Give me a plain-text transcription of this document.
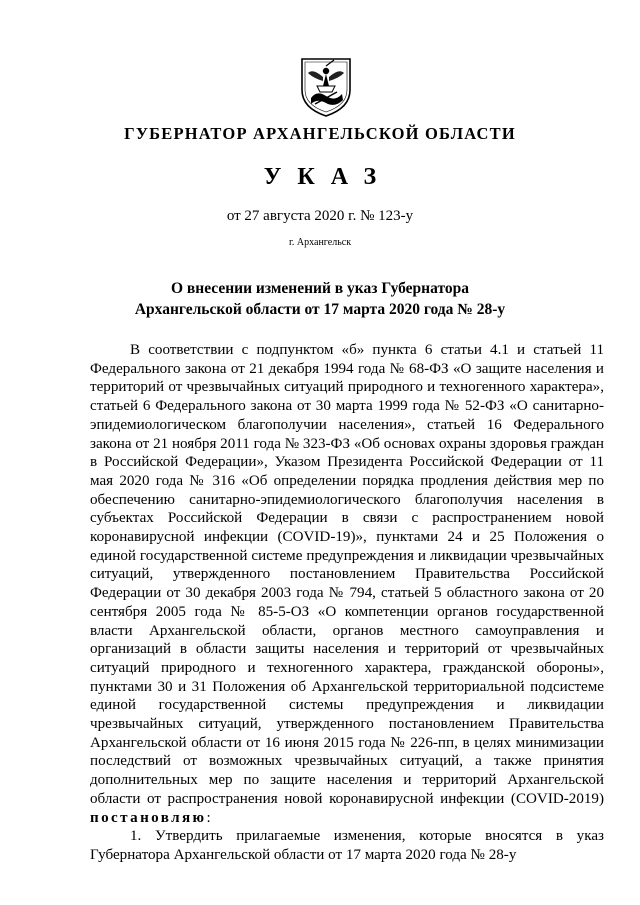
ГУБЕРНАТОР АРХАНГЕЛЬСКОЙ ОБЛАСТИ
УКАЗ
от 27 августа 2020 г. № 123-у
г. Архангельск
О внесении изменений в указ Губернатора
Архангельской области от 17 марта 2020 года № 28-у

В соответствии с подпунктом «б» пункта 6 статьи 4.1 и статьей 11 Федерального закона от 21 декабря 1994 года № 68-ФЗ «О защите населения и территорий от чрезвычайных ситуаций природного и техногенного характера», статьей 6 Федерального закона от 30 марта 1999 года № 52-ФЗ «О санитарно-эпидемиологическом благополучии населения», статьей 16 Федерального закона от 21 ноября 2011 года № 323-ФЗ «Об основах охраны здоровья граждан в Российской Федерации», Указом Президента Российской Федерации от 11 мая 2020 года № 316 «Об определении порядка продления действия мер по обеспечению санитарно-эпидемиологического благополучия населения в субъектах Российской Федерации в связи с распространением новой коронавирусной инфекции (COVID-19)», пунктами 24 и 25 Положения о единой государственной системе предупреждения и ликвидации чрезвычайных ситуаций, утвержденного постановлением Правительства Российской Федерации от 30 декабря 2003 года № 794, статьей 5 областного закона от 20 сентября 2005 года № 85-5-ОЗ «О компетенции органов государственной власти Архангельской области, органов местного самоуправления и организаций в области защиты населения и территорий от чрезвычайных ситуаций природного и техногенного характера, гражданской обороны», пунктами 30 и 31 Положения об Архангельской территориальной подсистеме единой государственной системы предупреждения и ликвидации чрезвычайных ситуаций, утвержденного постановлением Правительства Архангельской области от 16 июня 2015 года № 226-пп, в целях минимизации последствий от возможных чрезвычайных ситуаций, а также принятия дополнительных мер по защите населения и территорий Архангельской области от распространения новой коронавирусной инфекции (COVID-2019) постановляю:

1. Утвердить прилагаемые изменения, которые вносятся в указ Губернатора Архангельской области от 17 марта 2020 года № 28-у
